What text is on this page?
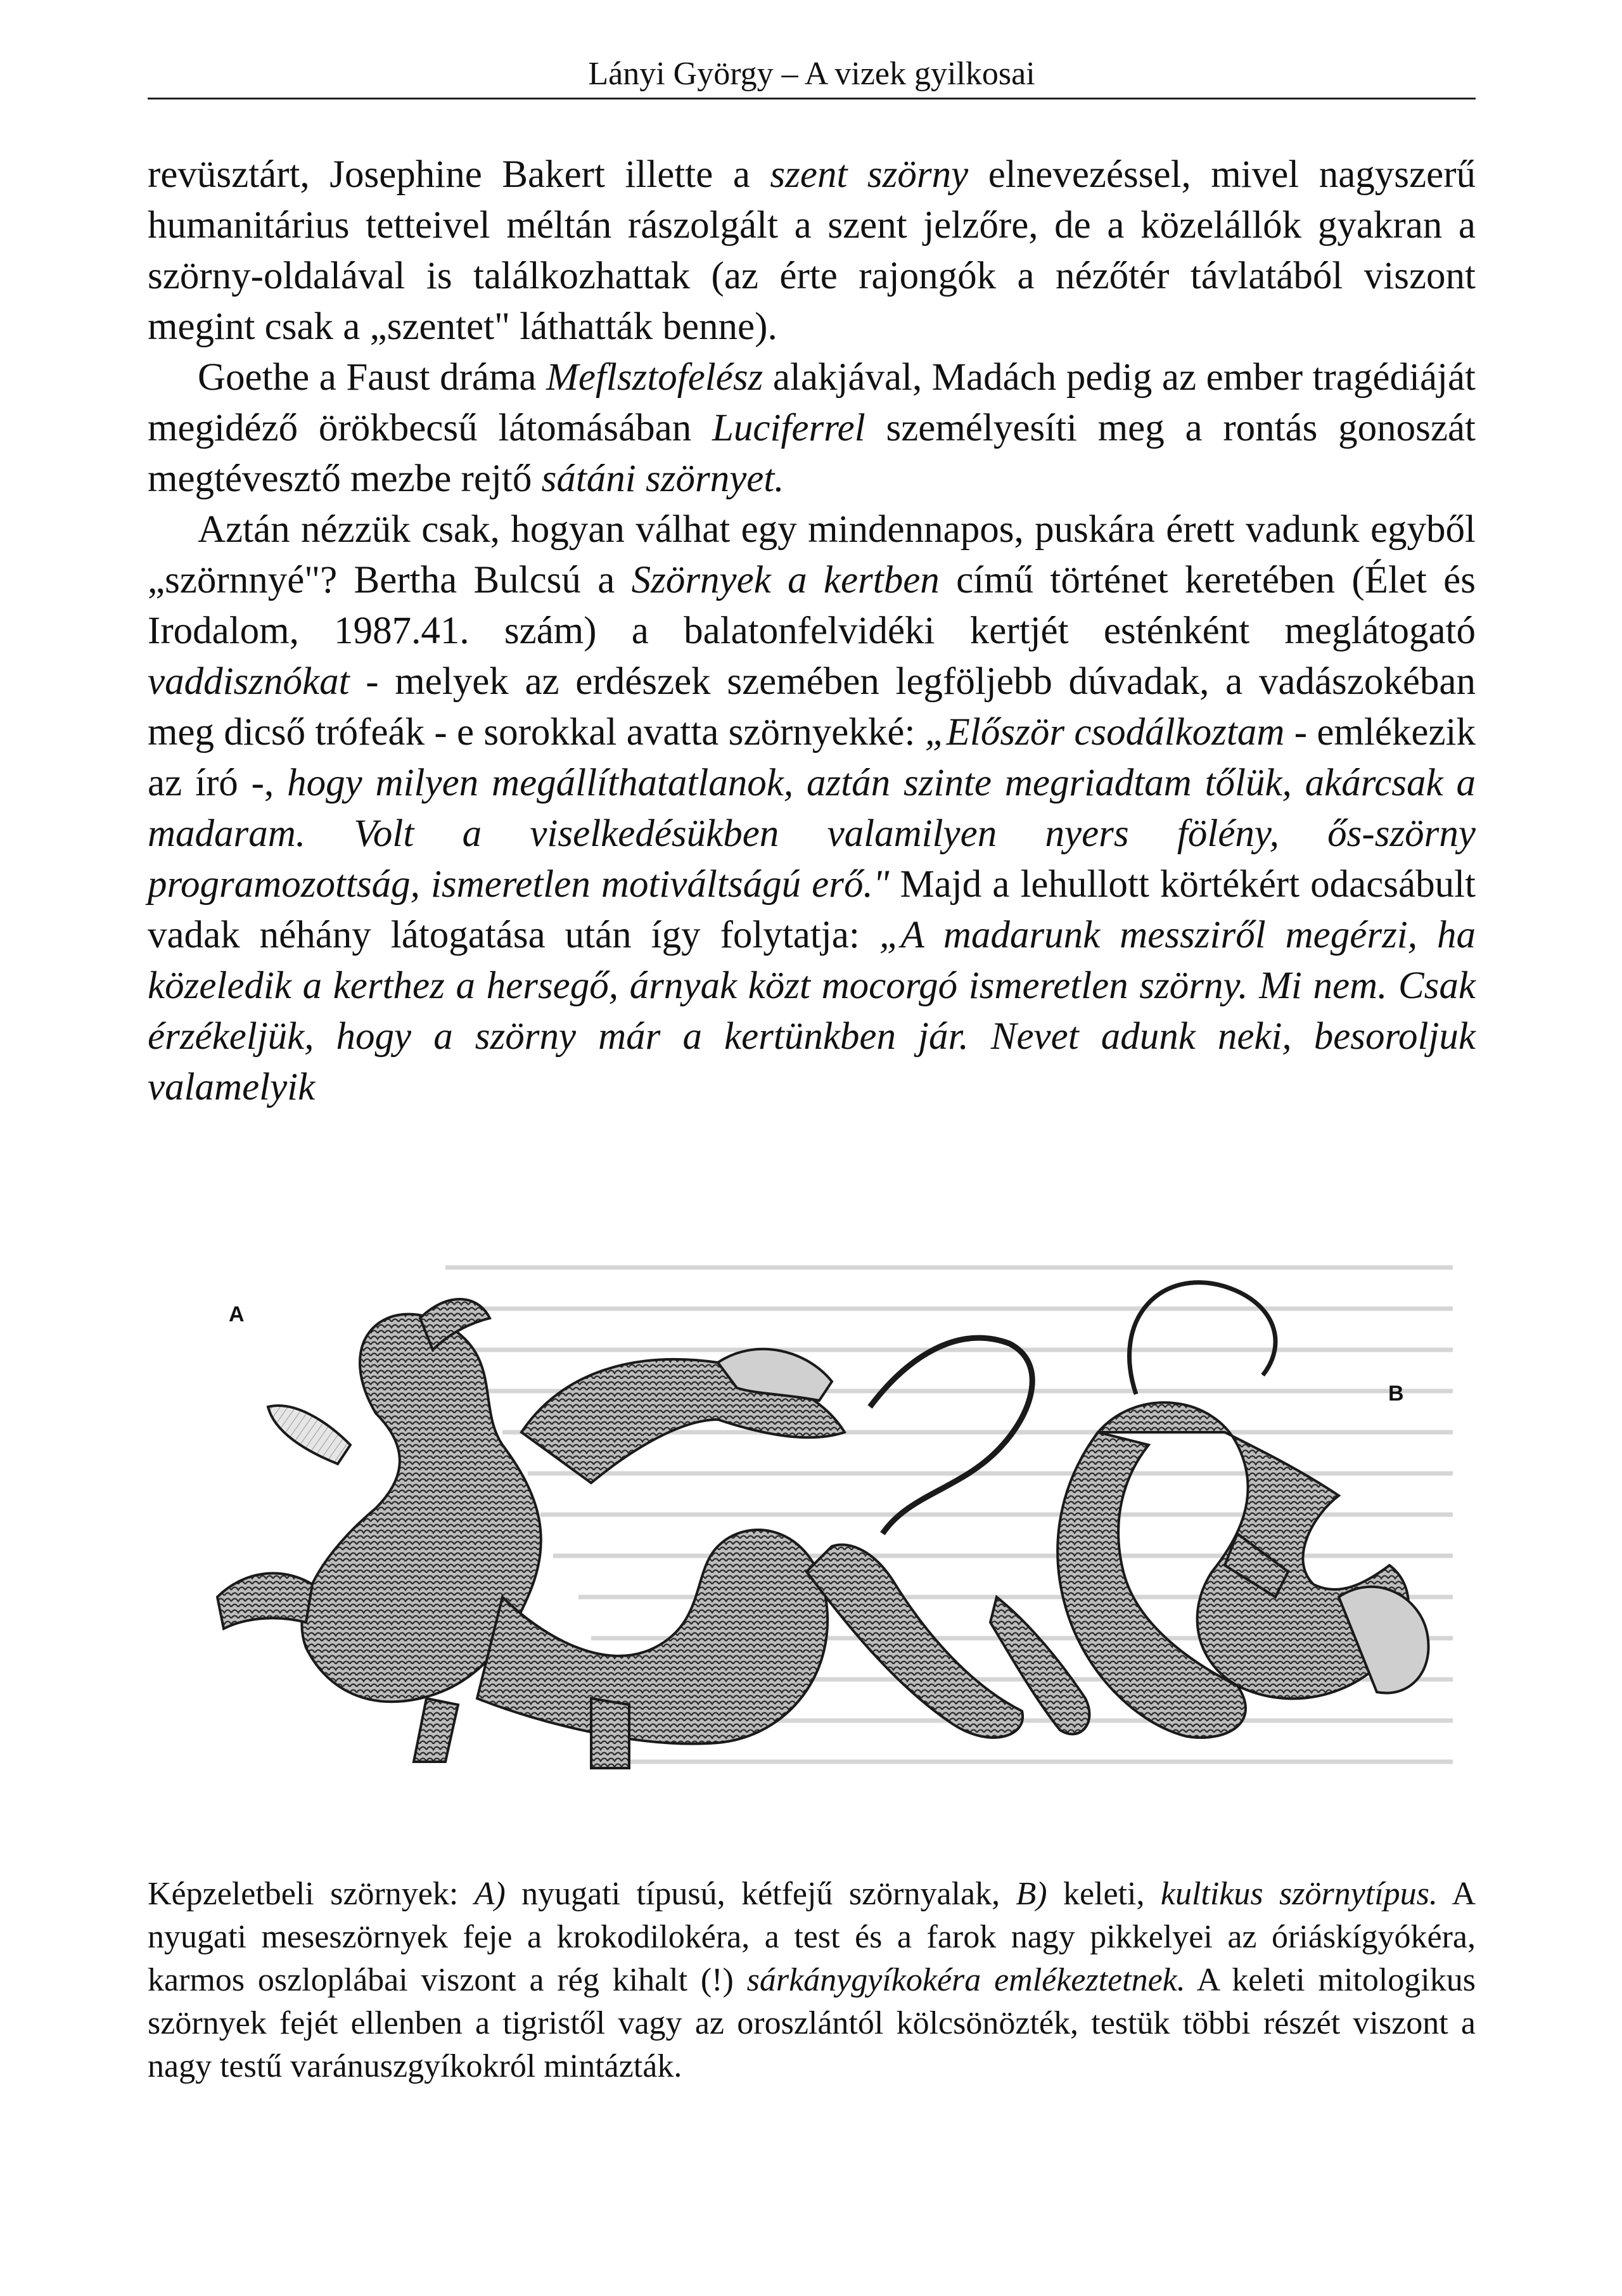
Lányi György – A vizek gyilkosai

revüsztárt, Josephine Bakert illette a szent szörny elnevezéssel, mivel nagyszerű humanitárius tetteivel méltán rászolgált a szent jelzőre, de a közelállók gyakran a szörny-oldalával is találkozhattak (az érte rajongók a nézőtér távlatából viszont megint csak a „szentet" láthatták benne).

Goethe a Faust dráma Meflsztofelész alakjával, Madách pedig az ember tragédiáját megidéző örökbecsű látomásában Luciferrel személyesíti meg a rontás gonoszát megtévesztő mezbe rejtő sátáni szörnyet.

Aztán nézzük csak, hogyan válhat egy mindennapos, puskára érett vadunk egyből „szörnnyé"? Bertha Bulcsú a Szörnyek a kertben című történet keretében (Élet és Irodalom, 1987.41. szám) a balatonfelvidéki kertjét esténként meglátogató vaddisznókat - melyek az erdészek szemében legföljebb dúvadak, a vadászokéban meg dicső trófeák - e sorokkal avatta szörnyekké: „Először csodálkoztam - emlékezik az író -, hogy milyen megállíthatatlanok, aztán szinte megriadtam tőlük, akárcsak a madaram. Volt a viselkedésükben valamilyen nyers fölény, ős-szörny programozottság, ismeretlen motiváltságú erő." Majd a lehullott körtékért odacsábult vadak néhány látogatása után így folytatja: „A madarunk messziről megérzi, ha közeledik a kerthez a hersegő, árnyak közt mocorgó ismeretlen szörny. Mi nem. Csak érzékeljük, hogy a szörny már a kertünkben jár. Nevet adunk neki, besoroljuk valamelyik

A
B

Képzeletbeli szörnyek: A) nyugati típusú, kétfejű szörnyalak, B) keleti, kultikus szörnytípus. A nyugati meseszörnyek feje a krokodilokéra, a test és a farok nagy pikkelyei az óriáskígyókéra, karmos oszloplábai viszont a rég kihalt (!) sárkánygyíkokéra emlékeztetnek. A keleti mitologikus szörnyek fejét ellenben a tigristől vagy az oroszlántól kölcsönözték, testük többi részét viszont a nagy testű varánuszgyíkokról mintázták.
